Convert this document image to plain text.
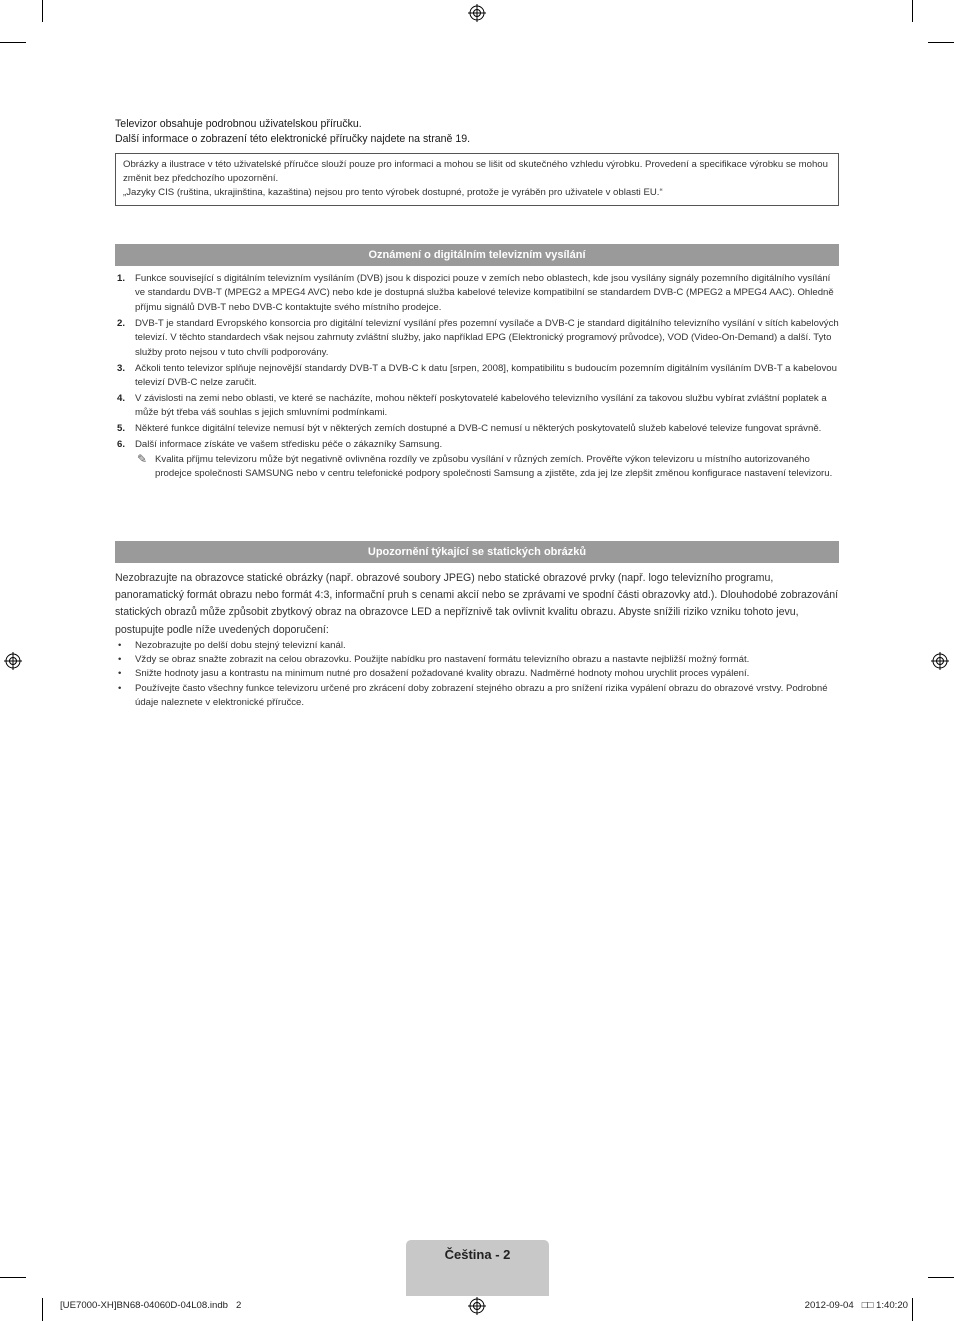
Televizor obsahuje podrobnou uživatelskou příručku.
Další informace o zobrazení této elektronické příručky najdete na straně 19.

Obrázky a ilustrace v této uživatelské příručce slouží pouze pro informaci a mohou se lišit od skutečného vzhledu výrobku. Provedení a specifikace výrobku se mohou změnit bez předchozího upozornění.

„Jazyky CIS (ruština, ukrajinština, kazaština) nejsou pro tento výrobek dostupné, protože je vyráběn pro uživatele v oblasti EU.“

Oznámení o digitálním televizním vysílání
1. Funkce související s digitálním televizním vysíláním (DVB) jsou k dispozici pouze v zemích nebo oblastech, kde jsou vysílány signály pozemního digitálního vysílání ve standardu DVB-T (MPEG2 a MPEG4 AVC) nebo kde je dostupná služba kabelové televize kompatibilní se standardem DVB-C (MPEG2 a MPEG4 AAC). Ohledně příjmu signálů DVB-T nebo DVB-C kontaktujte svého místního prodejce.
2. DVB-T je standard Evropského konsorcia pro digitální televizní vysílání přes pozemní vysílače a DVB-C je standard digitálního televizního vysílání v sítích kabelových televizí. V těchto standardech však nejsou zahrnuty zvláštní služby, jako například EPG (Elektronický programový průvodce), VOD (Video-On-Demand) a další. Tyto služby proto nejsou v tuto chvíli podporovány.
3. Ačkoli tento televizor splňuje nejnovější standardy DVB-T a DVB-C k datu [srpen, 2008], kompatibilitu s budoucím pozemním digitálním vysíláním DVB-T a kabelovou televizí DVB-C nelze zaručit.
4. V závislosti na zemi nebo oblasti, ve které se nacházíte, mohou někteří poskytovatelé kabelového televizního vysílání za takovou službu vybírat zvláštní poplatek a může být třeba váš souhlas s jejich smluvními podmínkami.
5. Některé funkce digitální televize nemusí být v některých zemích dostupné a DVB-C nemusí u některých poskytovatelů služeb kabelové televize fungovat správně.
6. Další informace získáte ve vašem středisku péče o zákazníky Samsung.
✎ Kvalita příjmu televizoru může být negativně ovlivněna rozdíly ve způsobu vysílání v různých zemích. Prověřte výkon televizoru u místního autorizovaného prodejce společnosti SAMSUNG nebo v centru telefonické podpory společnosti Samsung a zjistěte, zda jej lze zlepšit změnou konfigurace nastavení televizoru.
Upozornění týkající se statických obrázků
Nezobrazujte na obrazovce statické obrázky (např. obrazové soubory JPEG) nebo statické obrazové prvky (např. logo televizního programu, panoramatický formát obrazu nebo formát 4:3, informační pruh s cenami akcií nebo se zprávami ve spodní části obrazovky atd.). Dlouhodobé zobrazování statických obrazů může způsobit zbytkový obraz na obrazovce LED a nepříznivě tak ovlivnit kvalitu obrazu. Abyste snížili riziko vzniku tohoto jevu, postupujte podle níže uvedených doporučení:
• Nezobrazujte po delší dobu stejný televizní kanál.
• Vždy se obraz snažte zobrazit na celou obrazovku. Použijte nabídku pro nastavení formátu televizního obrazu a nastavte nejbližší možný formát.
• Snižte hodnoty jasu a kontrastu na minimum nutné pro dosažení požadované kvality obrazu. Nadměrné hodnoty mohou urychlit proces vypálení.
• Používejte často všechny funkce televizoru určené pro zkrácení doby zobrazení stejného obrazu a pro snížení rizika vypálení obrazu do obrazové vrstvy. Podrobné údaje naleznete v elektronické příručce.
Čeština - 2
[UE7000-XH]BN68-04060D-04L08.indb   2	2012-09-04   □□ 1:40:20
